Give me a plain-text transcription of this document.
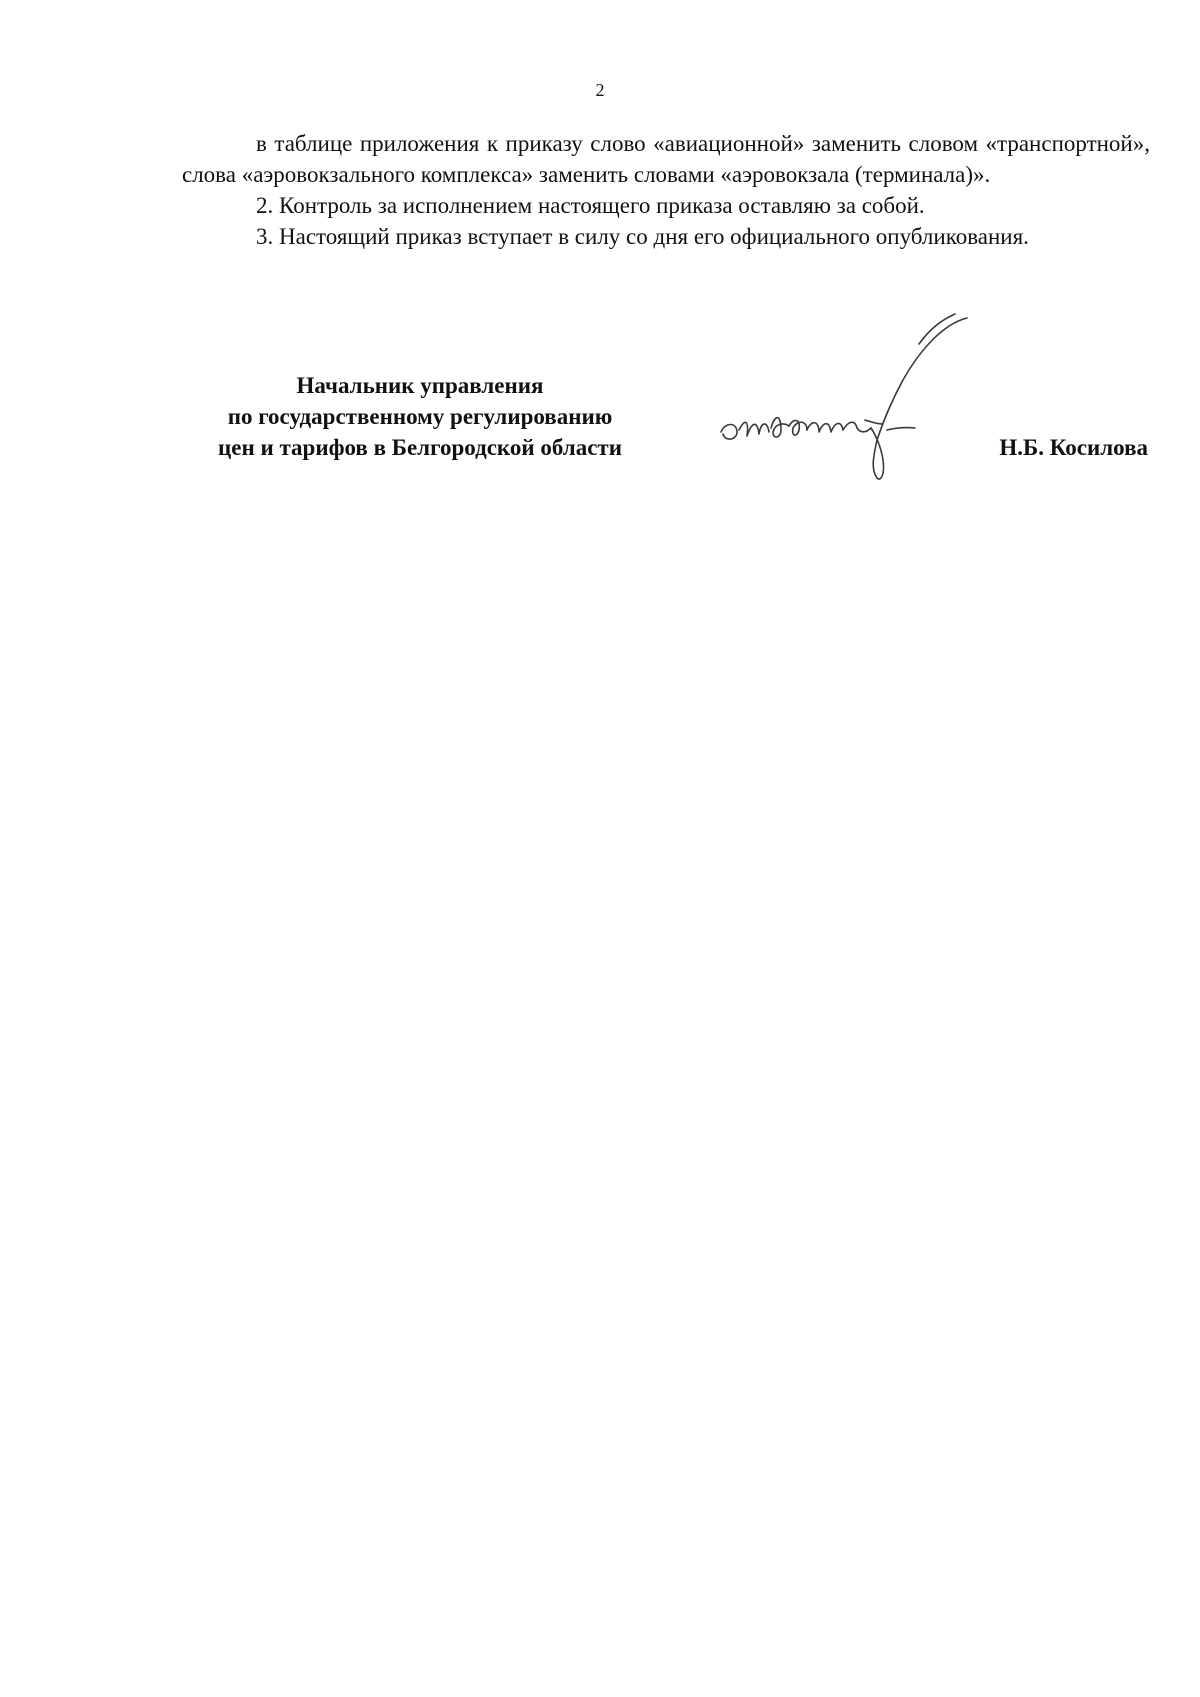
2

в таблице приложения к приказу слово «авиационной» заменить словом «транспортной», слова «аэровокзального комплекса» заменить словами «аэровокзала (терминала)».

2. Контроль за исполнением настоящего приказа оставляю за собой.

3. Настоящий приказ вступает в силу со дня его официального опубликования.

Начальник управления
по государственному регулированию
цен и тарифов в Белгородской области	Н.Б. Косилова
